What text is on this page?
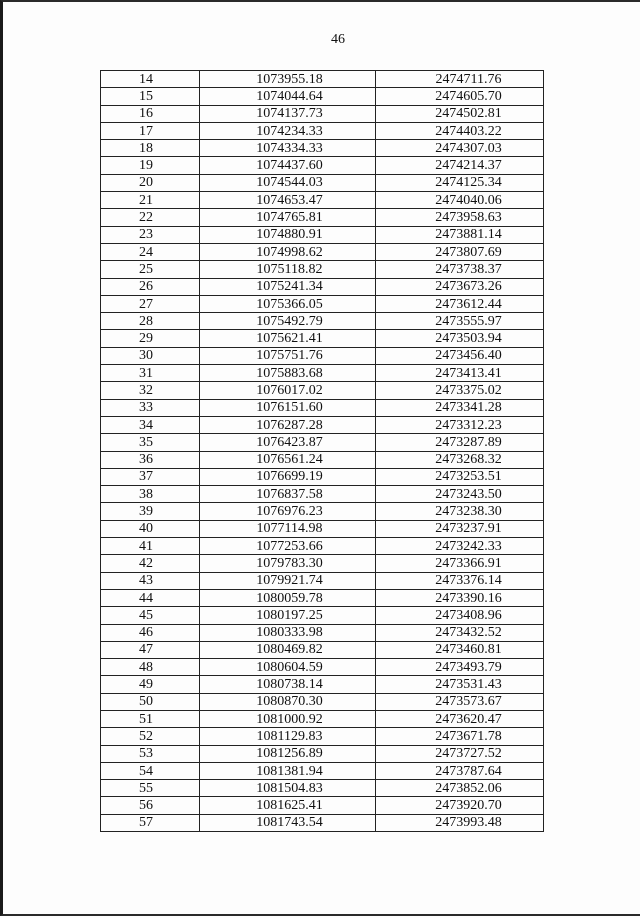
46
14	1073955.18	2474711.76
15	1074044.64	2474605.70
16	1074137.73	2474502.81
17	1074234.33	2474403.22
18	1074334.33	2474307.03
19	1074437.60	2474214.37
20	1074544.03	2474125.34
21	1074653.47	2474040.06
22	1074765.81	2473958.63
23	1074880.91	2473881.14
24	1074998.62	2473807.69
25	1075118.82	2473738.37
26	1075241.34	2473673.26
27	1075366.05	2473612.44
28	1075492.79	2473555.97
29	1075621.41	2473503.94
30	1075751.76	2473456.40
31	1075883.68	2473413.41
32	1076017.02	2473375.02
33	1076151.60	2473341.28
34	1076287.28	2473312.23
35	1076423.87	2473287.89
36	1076561.24	2473268.32
37	1076699.19	2473253.51
38	1076837.58	2473243.50
39	1076976.23	2473238.30
40	1077114.98	2473237.91
41	1077253.66	2473242.33
42	1079783.30	2473366.91
43	1079921.74	2473376.14
44	1080059.78	2473390.16
45	1080197.25	2473408.96
46	1080333.98	2473432.52
47	1080469.82	2473460.81
48	1080604.59	2473493.79
49	1080738.14	2473531.43
50	1080870.30	2473573.67
51	1081000.92	2473620.47
52	1081129.83	2473671.78
53	1081256.89	2473727.52
54	1081381.94	2473787.64
55	1081504.83	2473852.06
56	1081625.41	2473920.70
57	1081743.54	2473993.48
